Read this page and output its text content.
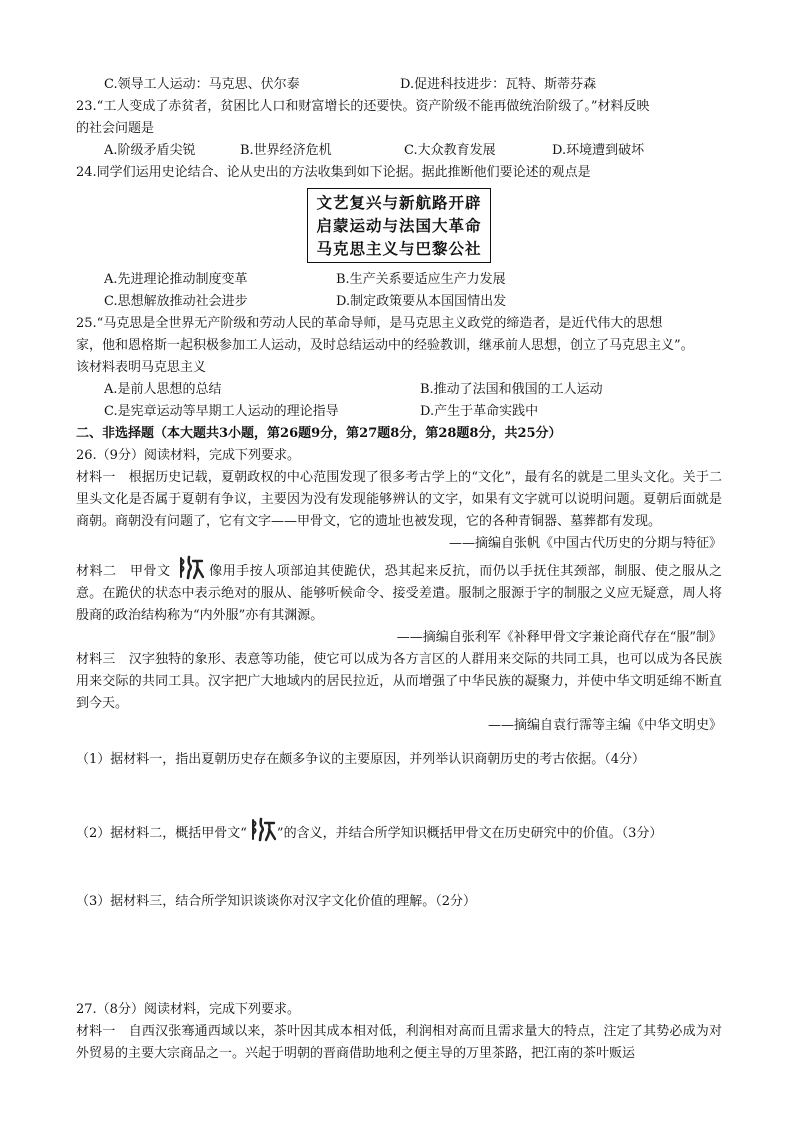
C.领导工人运动：马克思、伏尔泰	D.促进科技进步：瓦特、斯蒂芬森
23.“工人变成了赤贫者，贫困比人口和财富增长的还要快。资产阶级不能再做统治阶级了。”材料反映
的社会问题是
A.阶级矛盾尖锐	B.世界经济危机	C.大众教育发展	D.环境遭到破坏
24.同学们运用史论结合、论从史出的方法收集到如下论据。据此推断他们要论述的观点是
文艺复兴与新航路开辟
启蒙运动与法国大革命
马克思主义与巴黎公社
A.先进理论推动制度变革	B.生产关系要适应生产力发展
C.思想解放推动社会进步	D.制定政策要从本国国情出发
25.“马克思是全世界无产阶级和劳动人民的革命导师，是马克思主义政党的缔造者，是近代伟大的思想
家，他和恩格斯一起积极参加工人运动，及时总结运动中的经验教训，继承前人思想，创立了马克思主义”。
该材料表明马克思主义
A.是前人思想的总结	B.推动了法国和俄国的工人运动
C.是宪章运动等早期工人运动的理论指导	D.产生于革命实践中
二、非选择题（本大题共3小题，第26题9分，第27题8分，第28题8分，共25分）
26.（9分）阅读材料，完成下列要求。

材料一　根据历史记载，夏朝政权的中心范围发现了很多考古学上的“文化”，最有名的就是二里头文化。关于二里头文化是否属于夏朝有争议，主要因为没有发现能够辨认的文字，如果有文字就可以说明问题。夏朝后面就是商朝。商朝没有问题了，它有文字——甲骨文，它的遗址也被发现，它的各种青铜器、墓葬都有发现。

——摘编自张帆《中国古代历史的分期与特征》

材料二　甲骨文	像用手按人项部迫其使跪伏，恐其起来反抗，而仍以手抚住其颈部，制服、使之服从之意。在跪伏的状态中表示绝对的服从、能够听候命令、接受差遣。服制之服源于字的制服之义应无疑意，周人将殷商的政治结构称为“内外服”亦有其渊源。

——摘编自张利军《补释甲骨文字兼论商代存在“服”制》

材料三　汉字独特的象形、表意等功能，使它可以成为各方言区的人群用来交际的共同工具，也可以成为各民族用来交际的共同工具。汉字把广大地域内的居民拉近，从而增强了中华民族的凝聚力，并使中华文明延绵不断直到今天。

——摘编自袁行霈等主编《中华文明史》
（1）据材料一，指出夏朝历史存在颇多争议的主要原因，并列举认识商朝历史的考古依据。（4分）
（2）据材料二，概括甲骨文“ ”的含义，并结合所学知识概括甲骨文在历史研究中的价值。（3分）
（3）据材料三，结合所学知识谈谈你对汉字文化价值的理解。（2分）
27.（8分）阅读材料，完成下列要求。

材料一　自西汉张骞通西域以来，茶叶因其成本相对低，利润相对高而且需求量大的特点，注定了其势必成为对外贸易的主要大宗商品之一。兴起于明朝的晋商借助地利之便主导的万里茶路，把江南的茶叶贩运
